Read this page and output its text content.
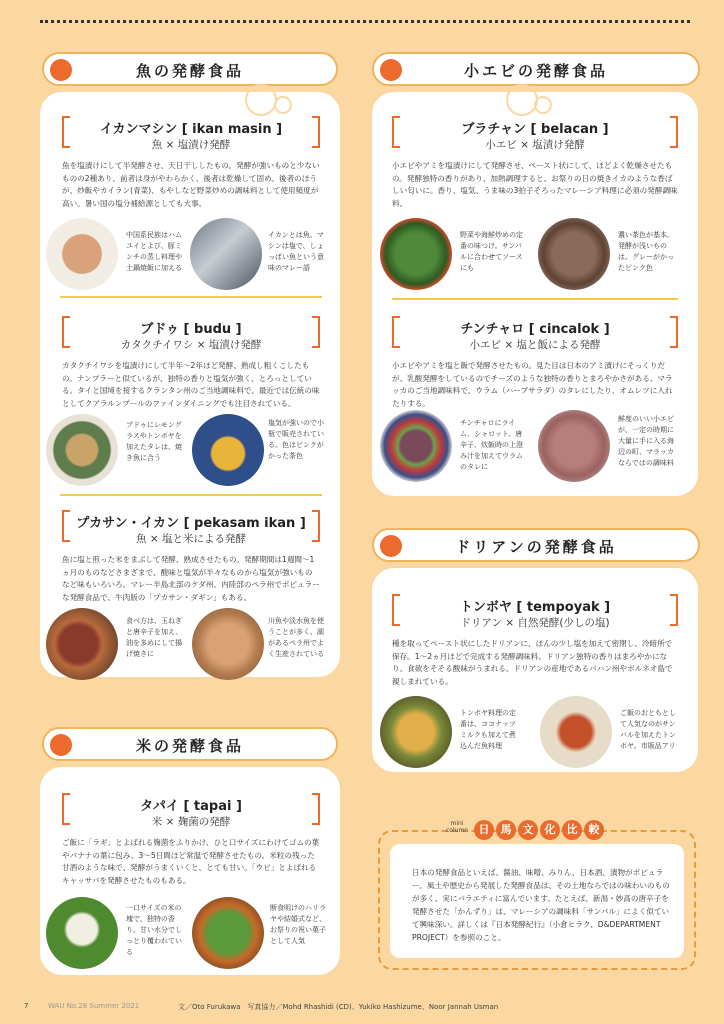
魚の発酵食品
イカンマシン [ ikan masin ]
魚 × 塩漬け発酵
魚を塩漬けにして半発酵させ、天日干ししたもの。発酵が強いものと少ないものの2種あり、前者は身がやわらかく、後者は乾燥して固め。後者のほうが、炒飯やカイラン(青菜)、もやしなど野菜炒めの調味料として使用頻度が高い。暑い国の塩分補給源としても大事。
中国系民族はハムユイとよび、豚ミンチの蒸し料理や土鍋焼飯に加える
イカンとは魚、マシンは塩で、しょっぱい魚という意味のマレー語
ブドゥ [ budu ]
カタクチイワシ × 塩漬け発酵
カタクチイワシを塩漬けにして半年〜2年ほど発酵、熟成し粗くこしたもの。ナンプラーと似ているが、独特の香りと塩気が強く、とろっとしている。タイと国境を接するクランタン州のご当地調味料で、最近では伝統の味としてクアラルンプールのファインダイニングでも注目されている。
ブドゥにレモングラスやトンボヤを加えたタレは、焼き魚に合う
塩気が強いので小瓶で販売されている。色はピンクがかった茶色
プカサン・イカン [ pekasam ikan ]
魚 × 塩と米による発酵
魚に塩と煎った米をまぶして発酵、熟成させたもの。発酵期間は1週間〜1ヵ月のものなどさまざまで、酸味と塩気が半々なものから塩気が強いものなど味もいろいろ。マレー半島北部のケダ州、内陸部のペラ州でポピュラーな発酵食品で、牛肉版の「プカサン・ダギン」もある。
食べ方は、玉ねぎと唐辛子を加え、油を多めにして揚げ焼きに
川魚や淡水魚を使うことが多く、湖があるペラ州でよく生産されている
小エビの発酵食品
ブラチャン [ belacan ]
小エビ × 塩漬け発酵
小エビやアミを塩漬けにして発酵させ、ペースト状にして、ほどよく乾燥させたもの。発酵独特の香りがあり、加熱調理すると、お祭りの日の焼きイカのような香ばしい匂いに。香り、塩気、うま味の3拍子そろったマレーシア料理に必須の発酵調味料。
野菜や海鮮炒めの定番の味つけ。サンバルに合わせてソースにも
濃い茶色が基本。発酵が浅いものは、グレーがかったピンク色
チンチャロ [ cincalok ]
小エビ × 塩と飯による発酵
小エビやアミを塩と飯で発酵させたもの。見た目は日本のアミ漬けにそっくりだが、乳酸発酵をしているのでチーズのような独特の香りとまろやかさがある。マラッカのご当地調味料で、ウラム（ハーブサラダ）のタレにしたり、オムレツに入れたりする。
チンチャロにライム、シャロット、唐辛子、炊飯時の上澄み汁を加えてウラムのタレに
鮮度のいい小エビが、一定の時期に大量に手に入る海辺の町、マラッカならではの調味料
ドリアンの発酵食品
トンボヤ [ tempoyak ]
ドリアン × 自然発酵(少しの塩)
種を取ってペースト状にしたドリアンに、ほんの少し塩を加えて密閉し、冷暗所で保存。1〜2ヵ月ほどで完成する発酵調味料。ドリアン独特の香りはまろやかになり、食欲をそそる酸味がうまれる。ドリアンの産地であるパハン州やボルネオ島で親しまれている。
トンボヤ料理の定番は、ココナッツミルクも加えて煮込んだ魚料理
ご飯のおともとして人気なのがサンバルを加えたトンボヤ。市販品アリ
米の発酵食品
タパイ [ tapai ]
米 × 麹菌の発酵
ご飯に「ラギ」とよばれる麹菌をふりかけ、ひと口サイズにわけてゴムの葉やバナナの葉に包み、3〜5日間ほど常温で発酵させたもの。米粒の残った甘酒のような味で、発酵がうまくいくと、とても甘い。「ウビ」とよばれるキャッサバを発酵させたものもある。
一口サイズの米の塊で、独特の香り。甘い水分でしっとり覆われている
断食明けのハリラヤや結婚式など、お祭りの祝い菓子として人気
日本の発酵食品といえば、醤油、味噌、みりん、日本酒、漬物がポピュラー。風土や歴史から発展した発酵食品は、その土地ならではの味わいのものが多く、実にバラエティに富んでいます。たとえば、新潟・妙高の唐辛子を発酵させた「かんずり」は、マレーシアの調味料「サンバル」によく似ていて興味深い。詳しくは『日本発酵紀行』（小倉ヒラク、D&DEPARTMENT PROJECT）を参照のこと。
mini column 日	馬	文	化	比	較
7	WAU No.28 Summer 2021	文／Oto Furukawa　写真協力／Mohd Rhashidi (CD)、Yukiko Hashizume、Noor Jannah Usman
